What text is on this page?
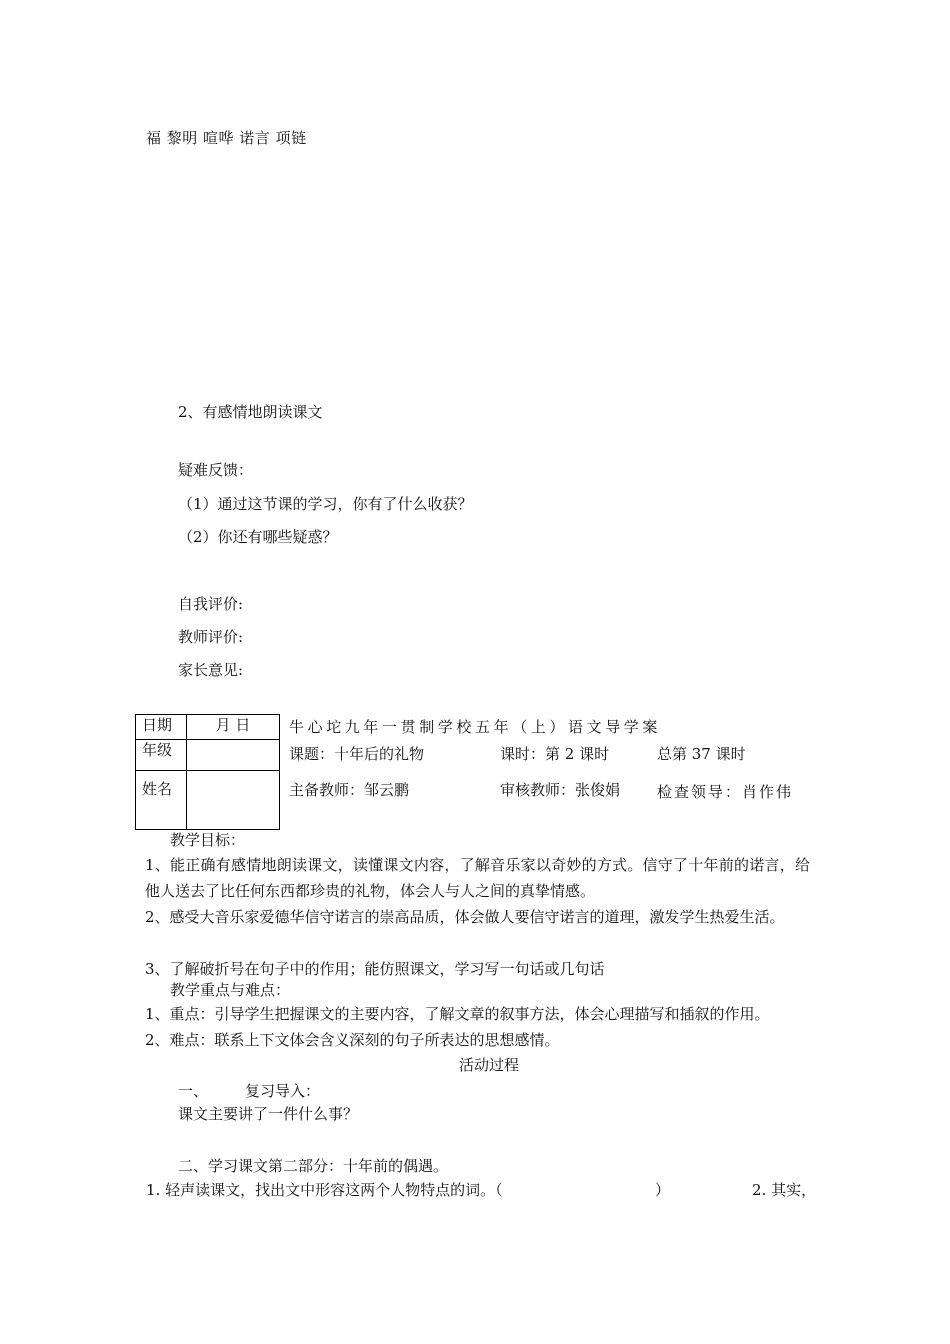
福 黎明 喧哗 诺言 项链
2、有感情地朗读课文
疑难反馈：
（1）通过这节课的学习，你有了什么收获？
（2）你还有哪些疑惑？
自我评价:
教师评价:
家长意见:
日期	月 日
年级	
姓名	
牛心坨九年一贯制学校五年（上）语文导学案
课题：十年后的礼物	课时：第 2 课时	总第 37 课时
主备教师：邹云鹏	审核教师：张俊娟 检查领导：肖作伟
教学目标：
1、能正确有感情地朗读课文，读懂课文内容，了解音乐家以奇妙的方式。信守了十年前的诺言，给他人送去了比任何东西都珍贵的礼物，体会人与人之间的真挚情感。
2、感受大音乐家爱德华信守诺言的崇高品质，体会做人要信守诺言的道理，激发学生热爱生活。
3、了解破折号在句子中的作用；能仿照课文，学习写一句话或几句话
教学重点与难点：
1、重点：引导学生把握课文的主要内容，了解文章的叙事方法，体会心理描写和插叙的作用。
2、难点：联系上下文体会含义深刻的句子所表达的思想感情。
活动过程
一、 复习导入：
课文主要讲了一件什么事？
二、学习课文第二部分：十年前的偶遇。
1. 轻声读课文，找出文中形容这两个人物特点的词。（	）	2. 其实，
